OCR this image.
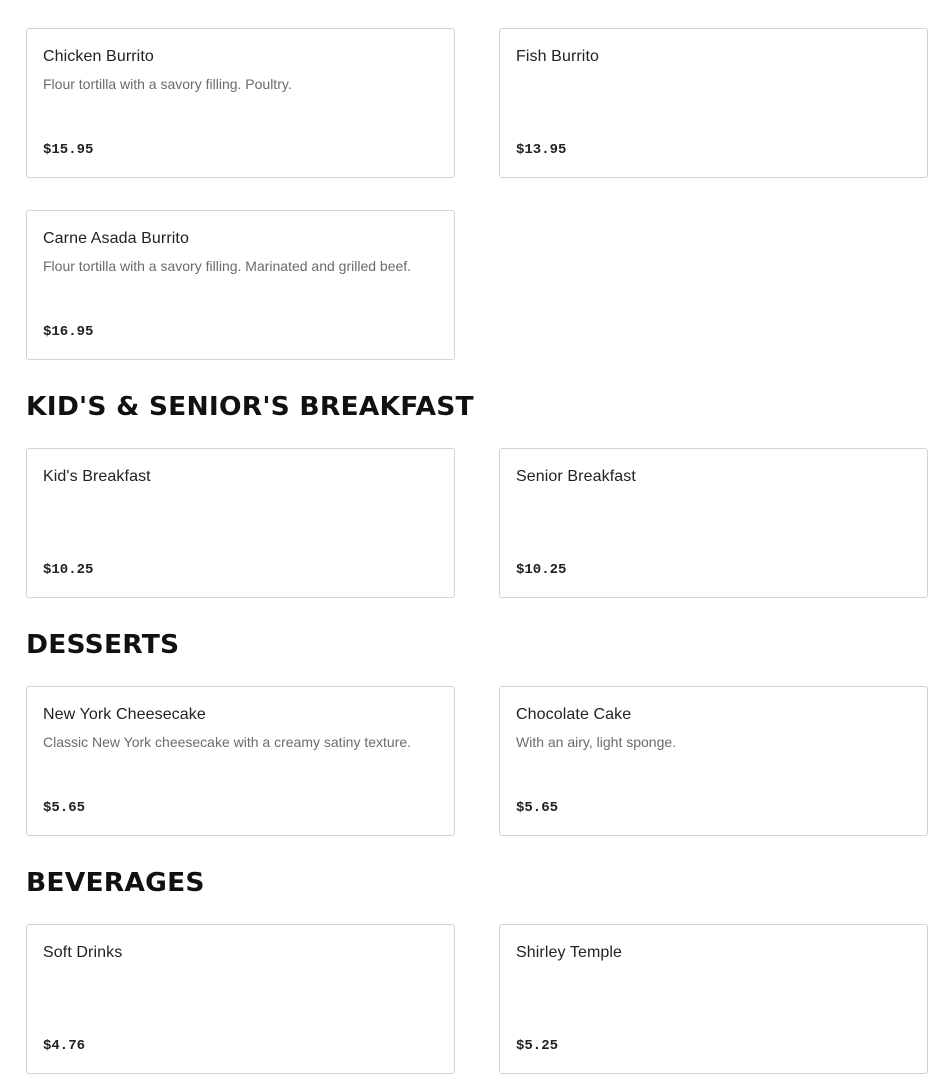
Chicken Burrito
Flour tortilla with a savory filling. Poultry.
$15.95
Fish Burrito
$13.95
Carne Asada Burrito
Flour tortilla with a savory filling. Marinated and grilled beef.
$16.95
KID'S & SENIOR'S BREAKFAST
Kid's Breakfast
$10.25
Senior Breakfast
$10.25
DESSERTS
New York Cheesecake
Classic New York cheesecake with a creamy satiny texture.
$5.65
Chocolate Cake
With an airy, light sponge.
$5.65
BEVERAGES
Soft Drinks
$4.76
Shirley Temple
$5.25
